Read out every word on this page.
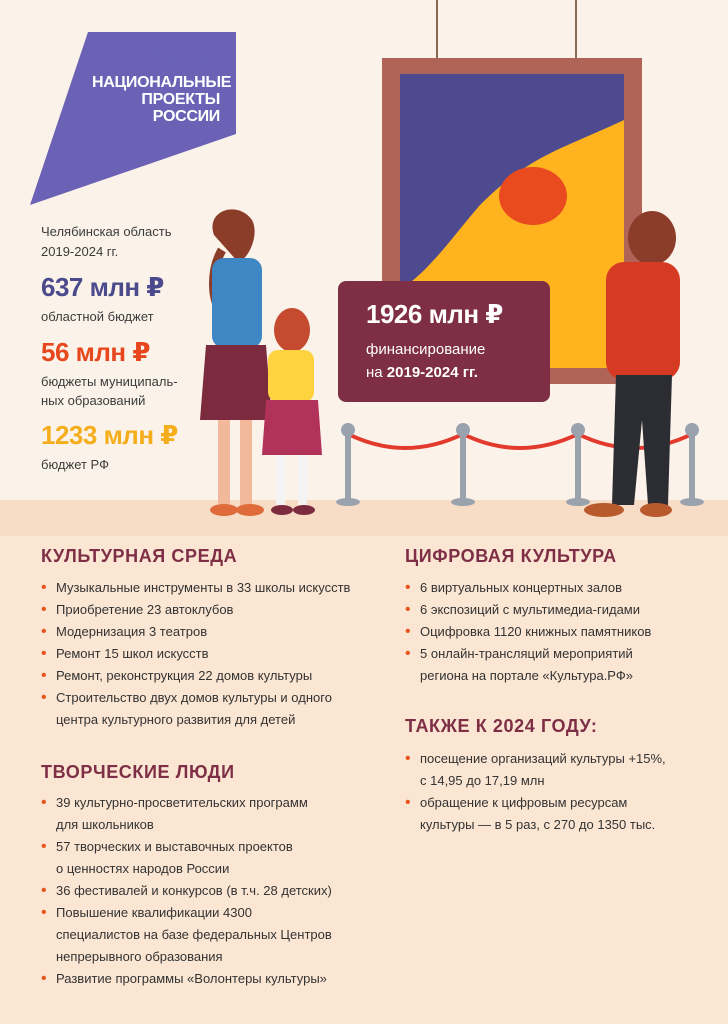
КУЛЬТУРА
НАЦИОНАЛЬНЫЕ
ПРОЕКТЫ
РОССИИ
Челябинская область
2019-2024 гг.
637 млн ₽
областной бюджет
56 млн ₽
бюджеты муниципаль-
ных образований
1233 млн ₽
бюджет РФ
1926 млн ₽
финансирование
на 2019-2024 гг.
КУЛЬТУРНАЯ СРЕДА
• Музыкальные инструменты в 33 школы искусств
• Приобретение 23 автоклубов
• Модернизация 3 театров
• Ремонт 15 школ искусств
• Ремонт, реконструкция 22 домов культуры
• Строительство двух домов культуры и одного
центра культурного развития для детей
ТВОРЧЕСКИЕ ЛЮДИ
• 39 культурно-просветительских программ
для школьников
• 57 творческих и выставочных проектов
о ценностях народов России
• 36 фестивалей и конкурсов (в т.ч. 28 детских)
• Повышение квалификации 4300
специалистов на базе федеральных Центров
непрерывного образования
• Развитие программы «Волонтеры культуры»
ЦИФРОВАЯ КУЛЬТУРА
• 6 виртуальных концертных залов
• 6 экспозиций с мультимедиа-гидами
• Оцифровка 1120 книжных памятников
• 5 онлайн-трансляций мероприятий
региона на портале «Культура.РФ»
ТАКЖЕ К 2024 ГОДУ:
• посещение организаций культуры +15%,
с 14,95 до 17,19 млн
• обращение к цифровым ресурсам
культуры — в 5 раз, с 270 до 1350 тыс.
